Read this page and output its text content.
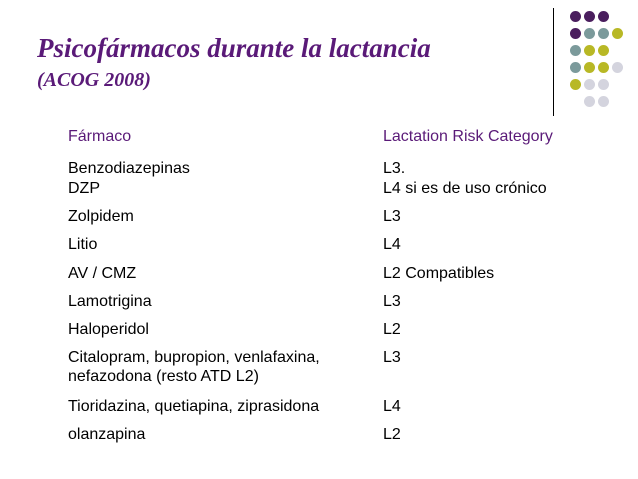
Psicofármacos durante la lactancia
(ACOG 2008)
Fármaco	Lactation Risk Category
Benzodiazepinas	L3.
DZP	L4 si es de uso crónico
Zolpidem	L3
Litio	L4
AV / CMZ	L2 Compatibles
Lamotrigina	L3
Haloperidol	L2
Citalopram, bupropion, venlafaxina,	L3
nefazodona (resto ATD L2)
Tioridazina, quetiapina, ziprasidona	L4
olanzapina	L2
